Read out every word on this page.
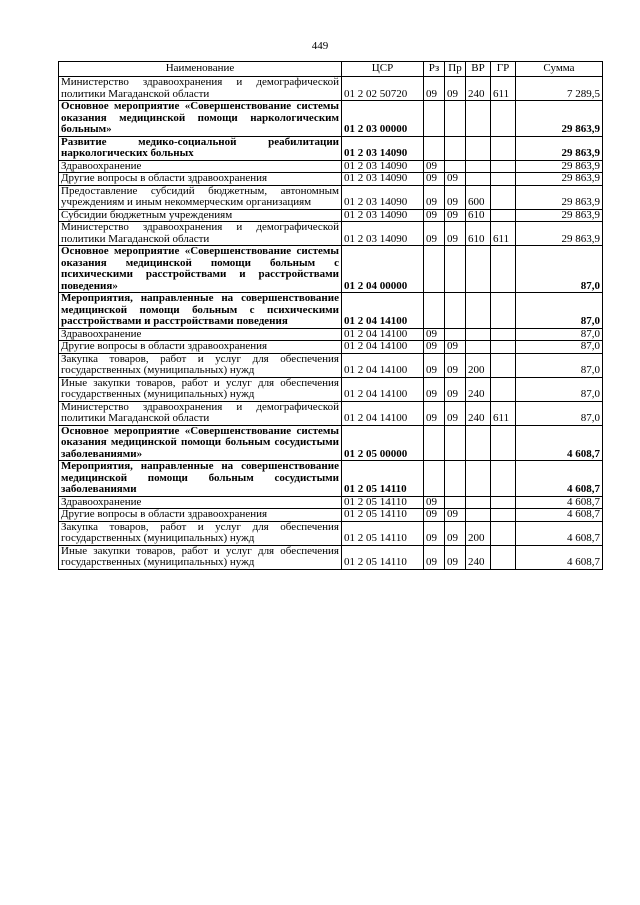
449
Наименование	ЦСР	Рз	Пр	ВР	ГР	Сумма
Министерство здравоохранения и демографической политики Магаданской области	01 2 02 50720	09	09	240	611	7 289,5
Основное мероприятие «Совершенствование системы оказания медицинской помощи наркологическим больным»	01 2 03 00000					29 863,9
Развитие медико-социальной реабилитации наркологических больных	01 2 03 14090					29 863,9
Здравоохранение	01 2 03 14090	09				29 863,9
Другие вопросы в области здравоохранения	01 2 03 14090	09	09			29 863,9
Предоставление субсидий бюджетным, автономным учреждениям и иным некоммерческим организациям	01 2 03 14090	09	09	600		29 863,9
Субсидии бюджетным учреждениям	01 2 03 14090	09	09	610		29 863,9
Министерство здравоохранения и демографической политики Магаданской области	01 2 03 14090	09	09	610	611	29 863,9
Основное мероприятие «Совершенствование системы оказания медицинской помощи больным с психическими расстройствами и расстройствами поведения»	01 2 04 00000					87,0
Мероприятия, направленные на совершенствование медицинской помощи больным с психическими расстройствами и расстройствами поведения	01 2 04 14100					87,0
Здравоохранение	01 2 04 14100	09				87,0
Другие вопросы в области здравоохранения	01 2 04 14100	09	09			87,0
Закупка товаров, работ и услуг для обеспечения государственных (муниципальных) нужд	01 2 04 14100	09	09	200		87,0
Иные закупки товаров, работ и услуг для обеспечения государственных (муниципальных) нужд	01 2 04 14100	09	09	240		87,0
Министерство здравоохранения и демографической политики Магаданской области	01 2 04 14100	09	09	240	611	87,0
Основное мероприятие «Совершенствование системы оказания медицинской помощи больным сосудистыми заболеваниями»	01 2 05 00000					4 608,7
Мероприятия, направленные на совершенствование медицинской помощи больным сосудистыми заболеваниями	01 2 05 14110					4 608,7
Здравоохранение	01 2 05 14110	09				4 608,7
Другие вопросы в области здравоохранения	01 2 05 14110	09	09			4 608,7
Закупка товаров, работ и услуг для обеспечения государственных (муниципальных) нужд	01 2 05 14110	09	09	200		4 608,7
Иные закупки товаров, работ и услуг для обеспечения государственных (муниципальных) нужд	01 2 05 14110	09	09	240		4 608,7
